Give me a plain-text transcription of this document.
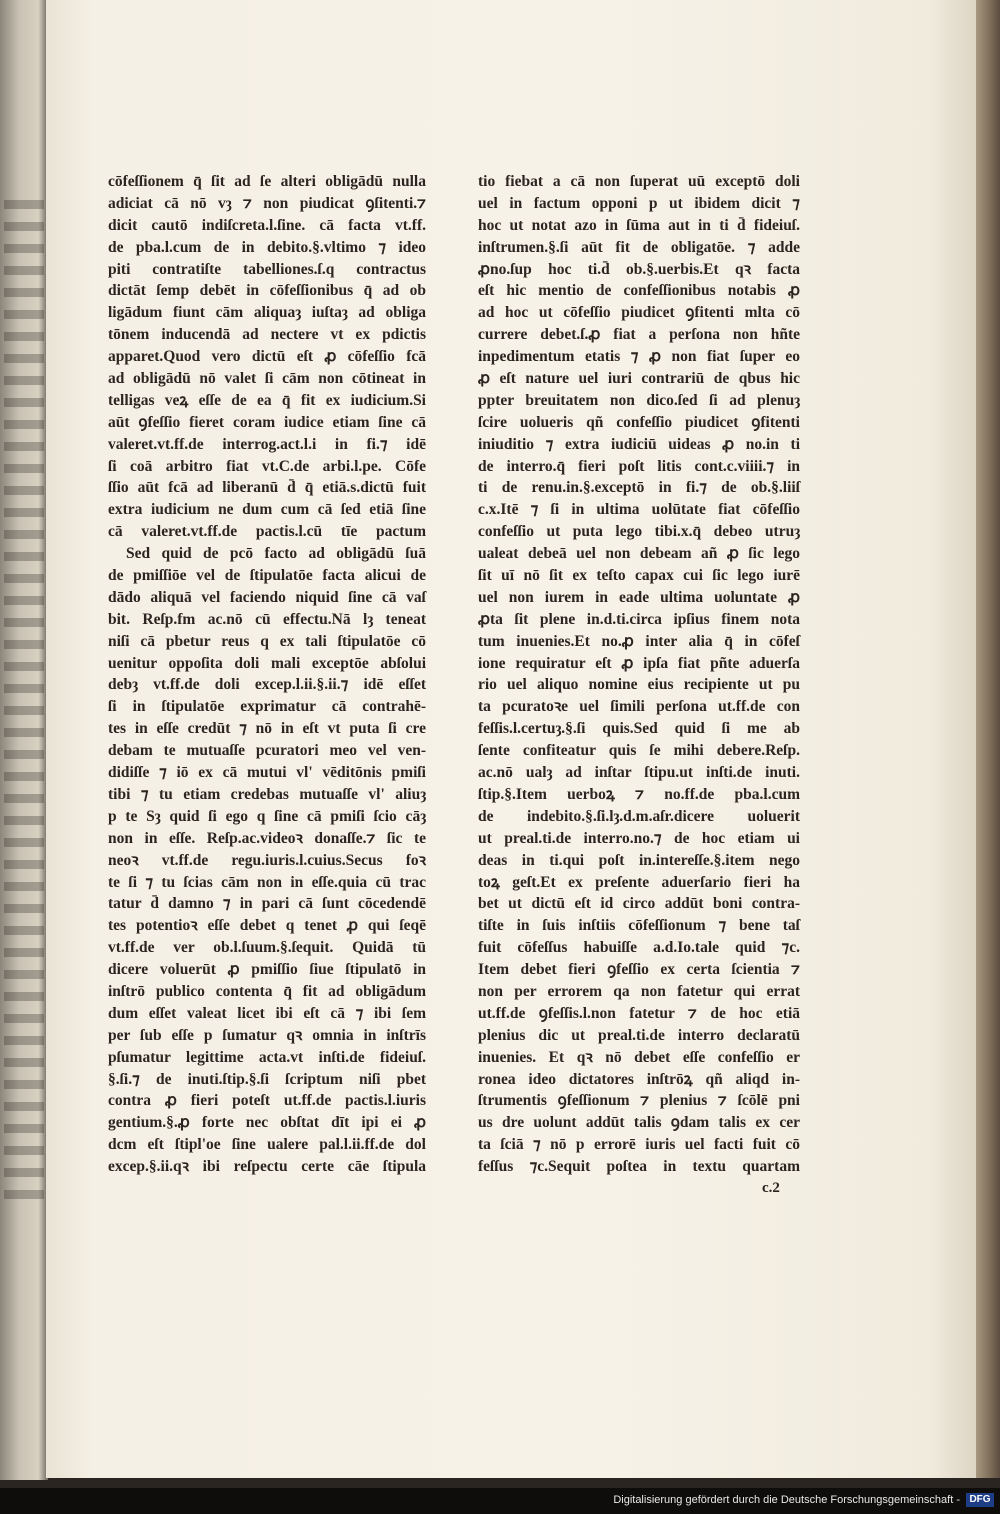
cōfeſſionem q̄ ſit ad ſe alteri obligādū nulla
adiciat cā nō vȝ ⁊ non piudicat ꝯſitenti.⁊
dicit cautō indiſcreta.l.ſine. cā facta vt.ff.
de pba.l.cum de in debito.§.vltimo ⁊ ideo
piti contratiſte tabelliones.ſ.q contractus
dictāt ſemp debēt in cōfeſſionibus q̄ ad ob
ligādum fiunt cām aliquaȝ iuſtaȝ ad obliga
tōnem inducendā ad nectere vt ex pdictis
apparet.Quod vero dictū eſt ꝓ cōfeſſio fcā
ad obligādū nō valet ſi cām non cōtineat in
telligas veꝝ eſſe de ea q̄ fit ex iudicium.Si
aūt ꝯfeſſio fieret coram iudice etiam ſine cā
valeret.vt.ff.de interrog.act.l.i in fi.⁊ idē
ſi coā arbitro fiat vt.C.de arbi.l.pe. Cōfe
ſſio aūt fcā ad liberanū d̄ q̄ etiā.s.dictū fuit
extra iudicium ne dum cum cā ſed etiā ſine
cā valeret.vt.ff.de pactis.l.cū tīe pactum
Sed quid de pcō facto ad obligādū ſuā
de pmiſſiōe vel de ſtipulatōe facta alicui de
dādo aliquā vel faciendo niquid ſine cā vaſ
bit. Reſp.fm ac.nō cū effectu.Nā lȝ teneat
niſi cā pbetur reus q ex tali ſtipulatōe cō
uenitur oppoſita doli mali exceptōe abſolui
debȝ vt.ff.de doli excep.l.ii.§.ii.⁊ idē eſſet
ſi in ſtipulatōe exprimatur cā contrahē-
tes in eſſe credūt ⁊ nō in eſt vt puta ſi cre
debam te mutuaſſe pcuratori meo vel ven-
didiſſe ⁊ iō ex cā mutui vl' vēditōnis pmiſi
tibi ⁊ tu etiam credebas mutuaſſe vl' aliuȝ
p te Sȝ quid ſi ego q ſine cā pmiſi ſcio cāȝ
non in eſſe. Reſp.ac.videoꝛ donaſſe.⁊ ſic te
neoꝛ vt.ff.de regu.iuris.l.cuius.Secus foꝛ
te ſi ⁊ tu ſcias cām non in eſſe.quia cū trac
tatur d̄ damno ⁊ in pari cā ſunt cōcedendē
tes potentioꝛ eſſe debet q tenet ꝓ qui ſeqē
vt.ff.de ver ob.l.ſuum.§.ſequit. Quidā tū
dicere voluerūt ꝓ pmiſſio ſiue ſtipulatō in
inſtrō publico contenta q̄ fit ad obligādum
dum eſſet valeat licet ibi eſt cā ⁊ ibi ſem
per ſub eſſe p ſumatur qꝛ omnia in inſtrīs
pſumatur legittime acta.vt inſti.de fideiuſ.
§.ſi.⁊ de inuti.ſtip.§.ſi ſcriptum niſi pbet
contra ꝓ fieri poteſt ut.ff.de pactis.l.iuris
gentium.§.ꝓ forte nec obſtat dīt ipi ei ꝓ
dcm eſt ſtipl'oe ſine ualere pal.l.ii.ff.de dol
excep.§.ii.qꝛ ibi reſpectu certe cāe ſtipula
tio fiebat a cā non ſuperat uū exceptō doli
uel in factum opponi p ut ibidem dicit ⁊
hoc ut notat azo in ſūma aut in ti d̄ fideiuſ.
inſtrumen.§.ſi aūt fit de obligatōe. ⁊ adde
ꝓno.ſup hoc ti.d̄ ob.§.uerbis.Et qꝛ facta
eſt hic mentio de confeſſionibus notabis ꝓ
ad hoc ut cōfeſſio piudicet ꝯfitenti mlta cō
currere debet.ſ.ꝓ fiat a perſona non hñte
inpedimentum etatis ⁊ ꝓ non fiat ſuper eo
ꝓ eſt nature uel iuri contrariū de qbus hic
ppter breuitatem non dico.ſed ſi ad plenuȝ
ſcire uolueris qñ confeſſio piudicet ꝯfitenti
iniuditio ⁊ extra iudiciū uideas ꝓ no.in ti
de interro.q̄ fieri poſt litis cont.c.viiii.⁊ in
ti de renu.in.§.exceptō in fi.⁊ de ob.§.liiſ
c.x.Itē ⁊ ſi in ultima uolūtate fiat cōfeſſio
confeſſio ut puta lego tibi.x.q̄ debeo utruȝ
ualeat debeā uel non debeam añ ꝓ ſic lego
ſit uī nō ſit ex teſto capax cui ſic lego iurē
uel non iurem in eade ultima uoluntate ꝓ
ꝓta ſit plene in.d.ti.circa ipſius finem nota
tum inuenies.Et no.ꝓ inter alia q̄ in cōfeſ
ione requiratur eſt ꝓ ipſa fiat pñte aduerſa
rio uel aliquo nomine eius recipiente ut pu
ta pcuratoꝛe uel ſimili perſona ut.ff.de con
feſſis.l.certuȝ.§.ſi quis.Sed quid ſi me ab
ſente confiteatur quis ſe mihi debere.Reſp.
ac.nō ualȝ ad inſtar ſtipu.ut inſti.de inuti.
ſtip.§.Item uerboꝝ ⁊ no.ff.de pba.l.cum
de indebito.§.ſi.lȝ.d.m.aſr.dicere uoluerit
ut preal.ti.de interro.no.⁊ de hoc etiam ui
deas in ti.qui poſt in.intereſſe.§.item nego
toꝝ geſt.Et ex preſente aduerſario fieri ha
bet ut dictū eſt id circo addūt boni contra-
tiſte in ſuis inſtiis cōfeſſionum ⁊ bene taſ
fuit cōfeſſus habuiſſe a.d.Io.tale quid ⁊c.
Item debet fieri ꝯfeſſio ex certa ſcientia ⁊
non per errorem qa non fatetur qui errat
ut.ff.de ꝯfeſſis.l.non fatetur ⁊ de hoc etiā
plenius dic ut preal.ti.de interro declaratū
inuenies. Et qꝛ nō debet eſſe confeſſio er
ronea ideo dictatores inſtrōꝝ qñ aliqd in-
ſtrumentis ꝯfeſſionum ⁊ plenius ⁊ ſcōlē pni
us dre uolunt addūt talis ꝯdam talis ex cer
ta ſciā ⁊ nō p errorē iuris uel facti fuit cō
feſſus ⁊c.Sequit poſtea in textu quartam
c.2
Digitalisierung gefördert durch die Deutsche Forschungsgemeinschaft - DFG
